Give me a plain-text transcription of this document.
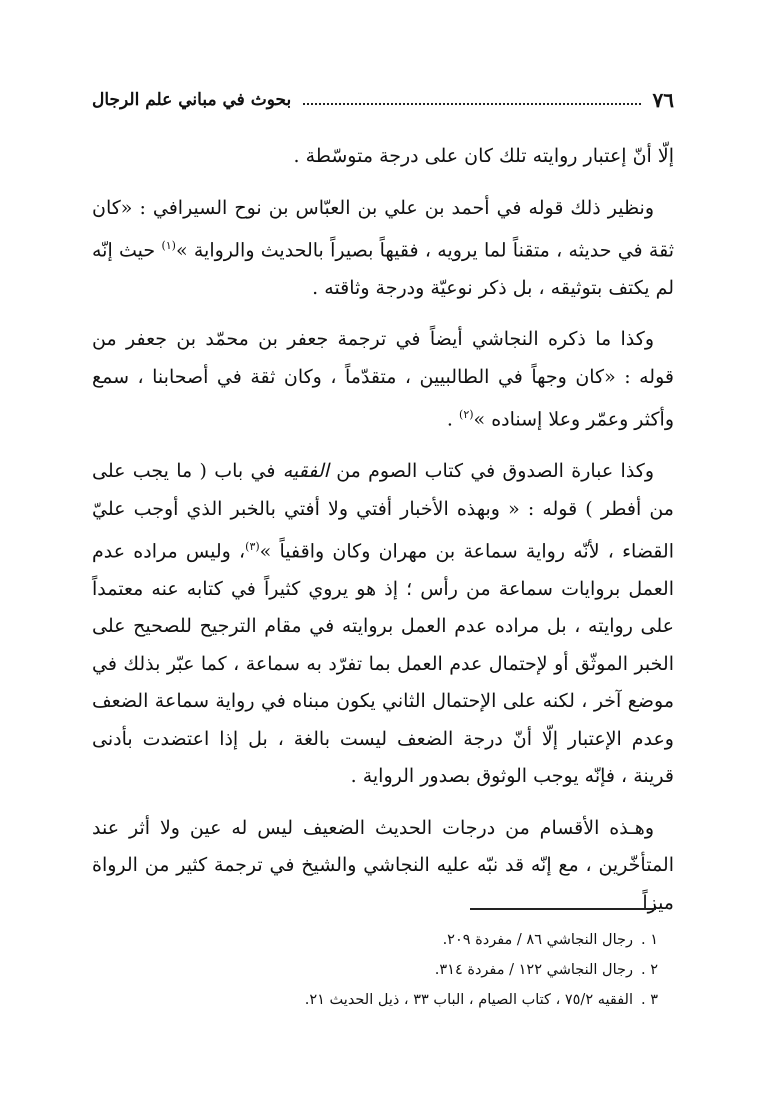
٧٦
بحوث في مباني علم الرجال

إلّا أنّ إعتبار روايته تلك كان على درجة متوسّطة .

ونظير ذلك قوله في أحمد بن علي بن العبّاس بن نوح السيرافي : «كان ثقة في حديثه ، متقناً لما يرويه ، فقيهاً بصيراً بالحديث والرواية »$^{(١)}$ حيث إنّه لم يكتف بتوثيقه ، بل ذكر نوعيّة ودرجة وثاقته .

وكذا ما ذكره النجاشي أيضاً في ترجمة جعفر بن محمّد بن جعفر من قوله : «كان وجهاً في الطالبيين ، متقدّماً ، وكان ثقة في أصحابنا ، سمع وأكثر وعمّر وعلا إسناده »$^{(٢)}$ .

وكذا عبارة الصدوق في كتاب الصوم من الفقيه في باب ( ما يجب على من أفطر ) قوله : « وبهذه الأخبار أفتي ولا أفتي بالخبر الذي أوجب عليّ القضاء ، لأنّه رواية سماعة بن مهران وكان واقفياً »$^{(٣)}$، وليس مراده عدم العمل بروايات سماعة من رأس ؛ إذ هو يروي كثيراً في كتابه عنه معتمداً على روايته ، بل مراده عدم العمل بروايته في مقام الترجيح للصحيح على الخبر الموثّق أو لإحتمال عدم العمل بما تفرّد به سماعة ، كما عبّر بذلك في موضع آخر ، لكنه على الإحتمال الثاني يكون مبناه في رواية سماعة الضعف وعدم الإعتبار إلّا أنّ درجة الضعف ليست بالغة ، بل إذا اعتضدت بأدنى قرينة ، فإنّه يوجب الوثوق بصدور الرواية .

وهـذه الأقسام من درجات الحديث الضعيف ليس له عين ولا أثر عند المتأخّرين ، مع إنّه قد نبّه عليه النجاشي والشيخ في ترجمة كثير من الرواة ميزاً

١ .
رجال النجاشي ٨٦ / مفردة ٢٠٩.
٢ .
رجال النجاشي ١٢٢ / مفردة ٣١٤.
٣ .
الفقيه ٧٥/٢ ، كتاب الصيام ، الباب ٣٣ ، ذيل الحديث ٢١.
